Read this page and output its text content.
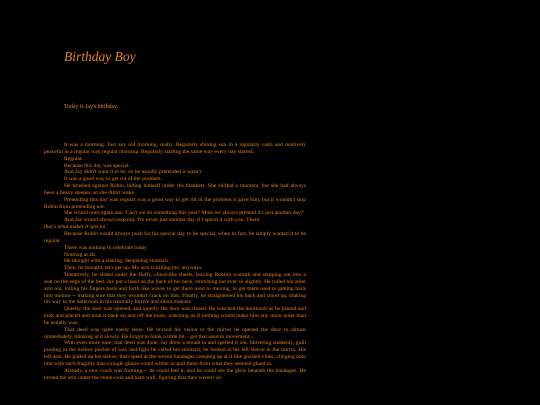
Birthday Boy
Today is Jay's birthday.

It was a morning. Just any old morning, really. Regularly shining sun in a regularly calm and relatively peaceful in a regular way regular morning. Regularly starting the same way every day started.

Regular.

Because this day was special.

And Jay didn't want it to be, so he usually pretended it wasn't.

It was a good way to get rid of the problem.

He brushed against Robin, hiding himself under the blankets. She shifted a moment, but she had always been a heavy sleeper, so she didn't wake.

Pretending this day was regular was a good way to get rid of the problem it gave him, but it wouldn't stop Robin from pretending not.

She would once again ask, 'Can't we do something this year? Must we always pretend it's just another day?'

And Jay would always respond, 'It's never just another day if I spend it with you. There,

that's what makes it special.'

Because Robin would always push for his special day to be special, when in fact, he simply wanted it to be regular.

There was nothing to celebrate today.

Nothing at all.

He thought with a sinking, deepening stomach.

Then, he thought, let's get up. My arm is killing me, anyways.

Tentatively, he slided under the fluffy, cloud-like sheets, leaving Robin's warmth and stepping out into a seat on the edge of the bed. Jay put a hand on the back of his neck, stretching out ever so slightly. He rolled his other arm out, lolling his fingers back and forth like waves to get them used to moving, to get them used to getting back into motion— making sure that they wouldn't crack on him. Finally, he straightened his back and stood up, making his way to the bathroom in his naturally furtive and silent manner.

Quietly, the door was opened, and quietly, the door was closed. He watched the doorknob as he placed and took and placed and took it back on and off the knob, watching as if nothing would make him any more quiet than he usually was.

That deed was quite easily done. He braved his vision to the mirror he opened the door to almost immediately, blinking at it slowly. He forgot to blink a little bit... get that used to movement...

With even more ease, that deed was done. Jay drew a breath in and spelled it out. Shivering suddenly, guilt pooling in the hollow pocket of wax and light he called his stomach, he looked at his left sleeve in the mirror. His left arm. He pulled up his sleeve, then spied at the woven bandages creeping up at it like gnarled vines, clinging onto him with such fragility that a single glance could wither or pull them from what they seemed glued to.

Already, a new crack was forming— he could feel it, and he could see the glow beneath the bandages. He turned the arm under the stone-cold and hard wall, figuring that they weren't as
